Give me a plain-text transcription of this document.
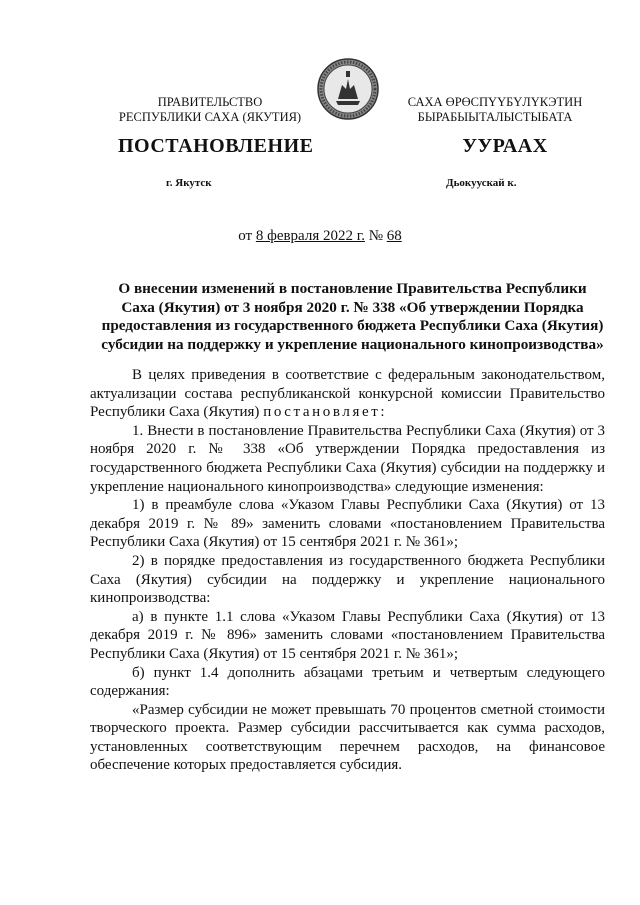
ПРАВИТЕЛЬСТВО
РЕСПУБЛИКИ САХА (ЯКУТИЯ)
САХА ӨРӨСПҮҮБҮЛҮКЭТИН
БЫРАБЫЫТАЛЫСТЫБАТА
ПОСТАНОВЛЕНИЕ	УУРААХ
г. Якутск	Дьокуускай к.
от 8 февраля 2022 г. № 68
О внесении изменений в постановление Правительства Республики Саха (Якутия) от 3 ноября 2020 г. № 338 «Об утверждении Порядка предоставления из государственного бюджета Республики Саха (Якутия) субсидии на поддержку и укрепление национального кинопроизводства»

В целях приведения в соответствие с федеральным законодательством, актуализации состава республиканской конкурсной комиссии Правительство Республики Саха (Якутия) постановляет:

1. Внести в постановление Правительства Республики Саха (Якутия) от 3 ноября 2020 г. № 338 «Об утверждении Порядка предоставления из государственного бюджета Республики Саха (Якутия) субсидии на поддержку и укрепление национального кинопроизводства» следующие изменения:

1) в преамбуле слова «Указом Главы Республики Саха (Якутия) от 13 декабря 2019 г. № 89» заменить словами «постановлением Правительства Республики Саха (Якутия) от 15 сентября 2021 г. № 361»;

2) в порядке предоставления из государственного бюджета Республики Саха (Якутия) субсидии на поддержку и укрепление национального кинопроизводства:

а) в пункте 1.1 слова «Указом Главы Республики Саха (Якутия) от 13 декабря 2019 г. № 896» заменить словами «постановлением Правительства Республики Саха (Якутия) от 15 сентября 2021 г. № 361»;

б) пункт 1.4 дополнить абзацами третьим и четвертым следующего содержания:

«Размер субсидии не может превышать 70 процентов сметной стоимости творческого проекта. Размер субсидии рассчитывается как сумма расходов, установленных соответствующим перечнем расходов, на финансовое обеспечение которых предоставляется субсидия.
